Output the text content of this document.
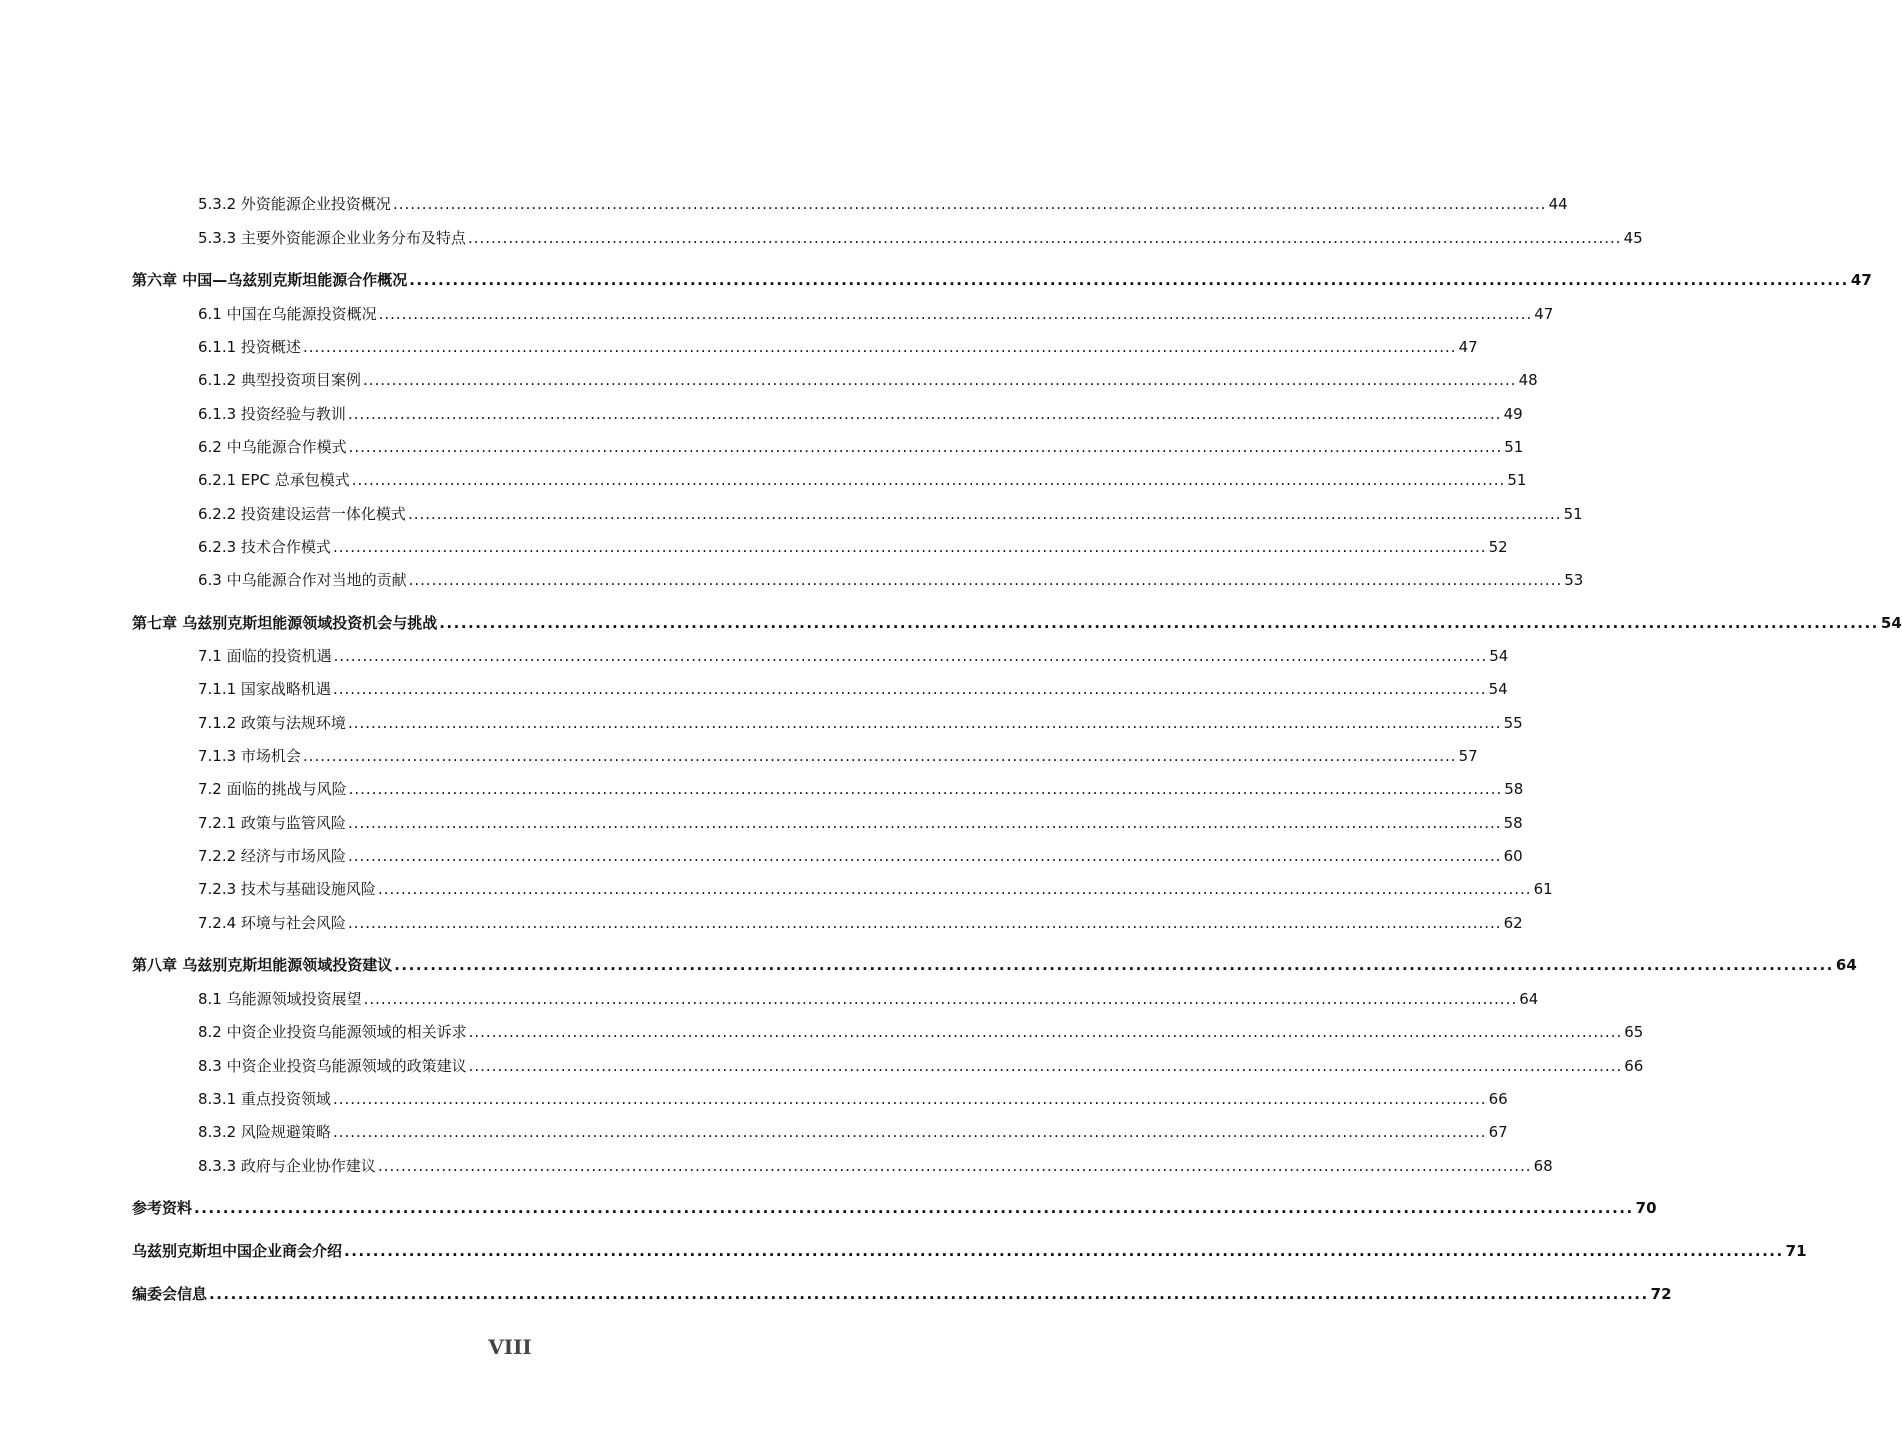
5.3.2 外资能源企业投资概况 ........................................................................................................................................................................................................ 44
5.3.3 主要外资能源企业业务分布及特点 ........................................................................................................................................................................................................ 45
第六章 中国—乌兹别克斯坦能源合作概况 ........................................................................................................................................................................................................ 47
6.1 中国在乌能源投资概况 ........................................................................................................................................................................................................ 47
6.1.1 投资概述 ........................................................................................................................................................................................................ 47
6.1.2 典型投资项目案例 ........................................................................................................................................................................................................ 48
6.1.3 投资经验与教训 ........................................................................................................................................................................................................ 49
6.2 中乌能源合作模式 ........................................................................................................................................................................................................ 51
6.2.1 EPC 总承包模式 ........................................................................................................................................................................................................ 51
6.2.2 投资建设运营一体化模式 ........................................................................................................................................................................................................ 51
6.2.3 技术合作模式 ........................................................................................................................................................................................................ 52
6.3 中乌能源合作对当地的贡献 ........................................................................................................................................................................................................ 53
第七章 乌兹别克斯坦能源领域投资机会与挑战 ........................................................................................................................................................................................................ 54
7.1 面临的投资机遇 ........................................................................................................................................................................................................ 54
7.1.1 国家战略机遇 ........................................................................................................................................................................................................ 54
7.1.2 政策与法规环境 ........................................................................................................................................................................................................ 55
7.1.3 市场机会 ........................................................................................................................................................................................................ 57
7.2 面临的挑战与风险 ........................................................................................................................................................................................................ 58
7.2.1 政策与监管风险 ........................................................................................................................................................................................................ 58
7.2.2 经济与市场风险 ........................................................................................................................................................................................................ 60
7.2.3 技术与基础设施风险 ........................................................................................................................................................................................................ 61
7.2.4 环境与社会风险 ........................................................................................................................................................................................................ 62
第八章 乌兹别克斯坦能源领域投资建议 ........................................................................................................................................................................................................ 64
8.1 乌能源领域投资展望 ........................................................................................................................................................................................................ 64
8.2 中资企业投资乌能源领域的相关诉求 ........................................................................................................................................................................................................ 65
8.3 中资企业投资乌能源领域的政策建议 ........................................................................................................................................................................................................ 66
8.3.1 重点投资领域 ........................................................................................................................................................................................................ 66
8.3.2 风险规避策略 ........................................................................................................................................................................................................ 67
8.3.3 政府与企业协作建议 ........................................................................................................................................................................................................ 68
参考资料 ........................................................................................................................................................................................................ 70
乌兹别克斯坦中国企业商会介绍 ........................................................................................................................................................................................................ 71
编委会信息 ........................................................................................................................................................................................................ 72
VIII
